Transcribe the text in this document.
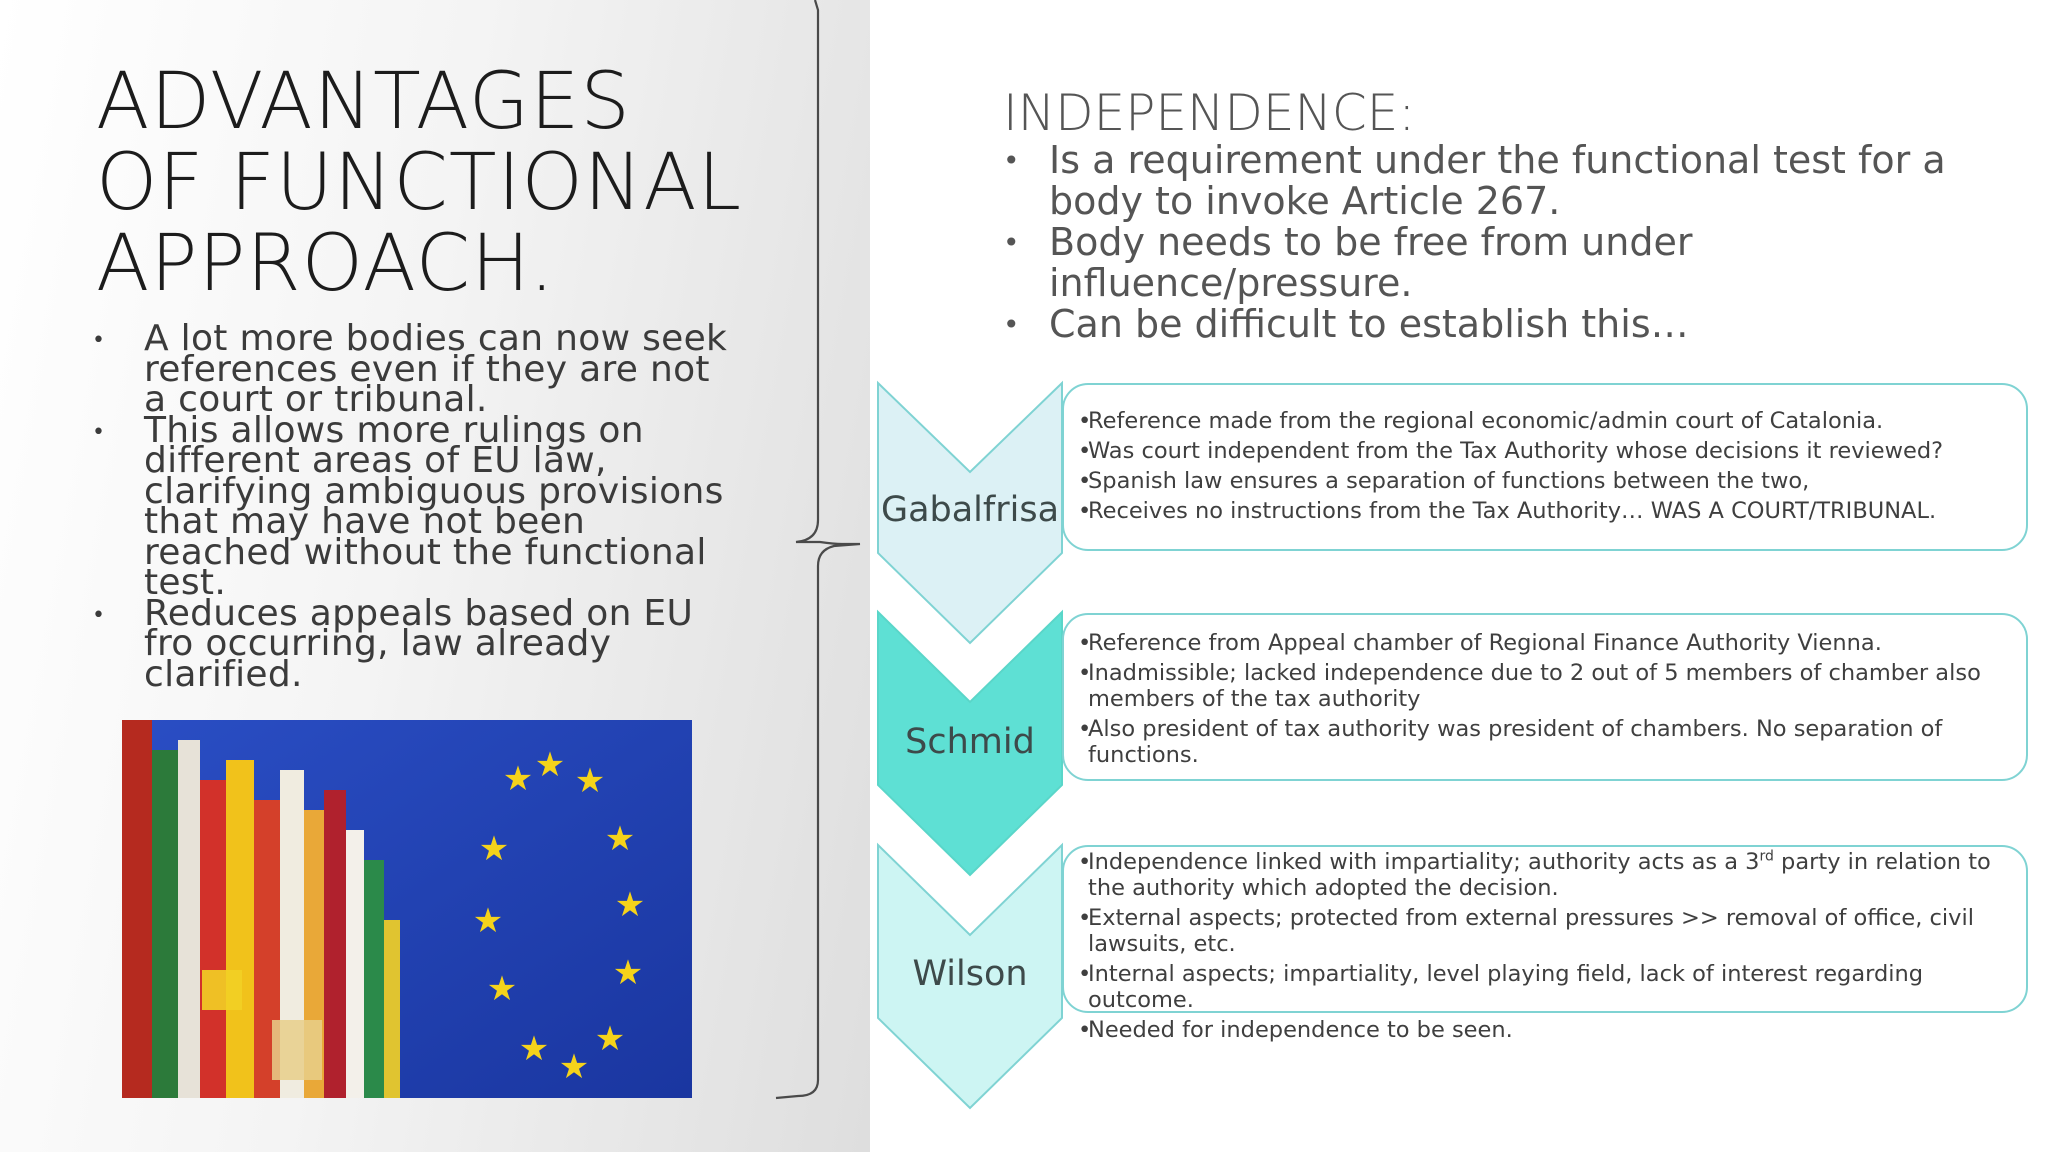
ADVANTAGES
OF FUNCTIONAL
APPROACH.
• A lot more bodies can now seek references even if they are not a court or tribunal.
• This allows more rulings on different areas of EU law, clarifying ambiguous provisions that may have not been reached without the functional test.
• Reduces appeals based on EU fro occurring, law already clarified.
★ ★
★
★
★
★
★
★
★
★
★
★
INDEPENDENCE:
• Is a requirement under the functional test for a body to invoke Article 267.
• Body needs to be free from under influence/pressure.
• Can be difficult to establish this…
Gabalfrisa
Schmid
Wilson
• Reference made from the regional economic/admin court of Catalonia.
• Was court independent from the Tax Authority whose decisions it reviewed?
• Spanish law ensures a separation of functions between the two,
• Receives no instructions from the Tax Authority… WAS A COURT/TRIBUNAL.
• Reference from Appeal chamber of Regional Finance Authority Vienna.
• Inadmissible; lacked independence due to 2 out of 5 members of chamber also members of the tax authority
• Also president of tax authority was president of chambers. No separation of functions.
• Independence linked with impartiality; authority acts as a 3rd party in relation to the authority which adopted the decision.
• External aspects; protected from external pressures >> removal of office, civil lawsuits, etc.
• Internal aspects; impartiality, level playing field, lack of interest regarding outcome.
• Needed for independence to be seen.
